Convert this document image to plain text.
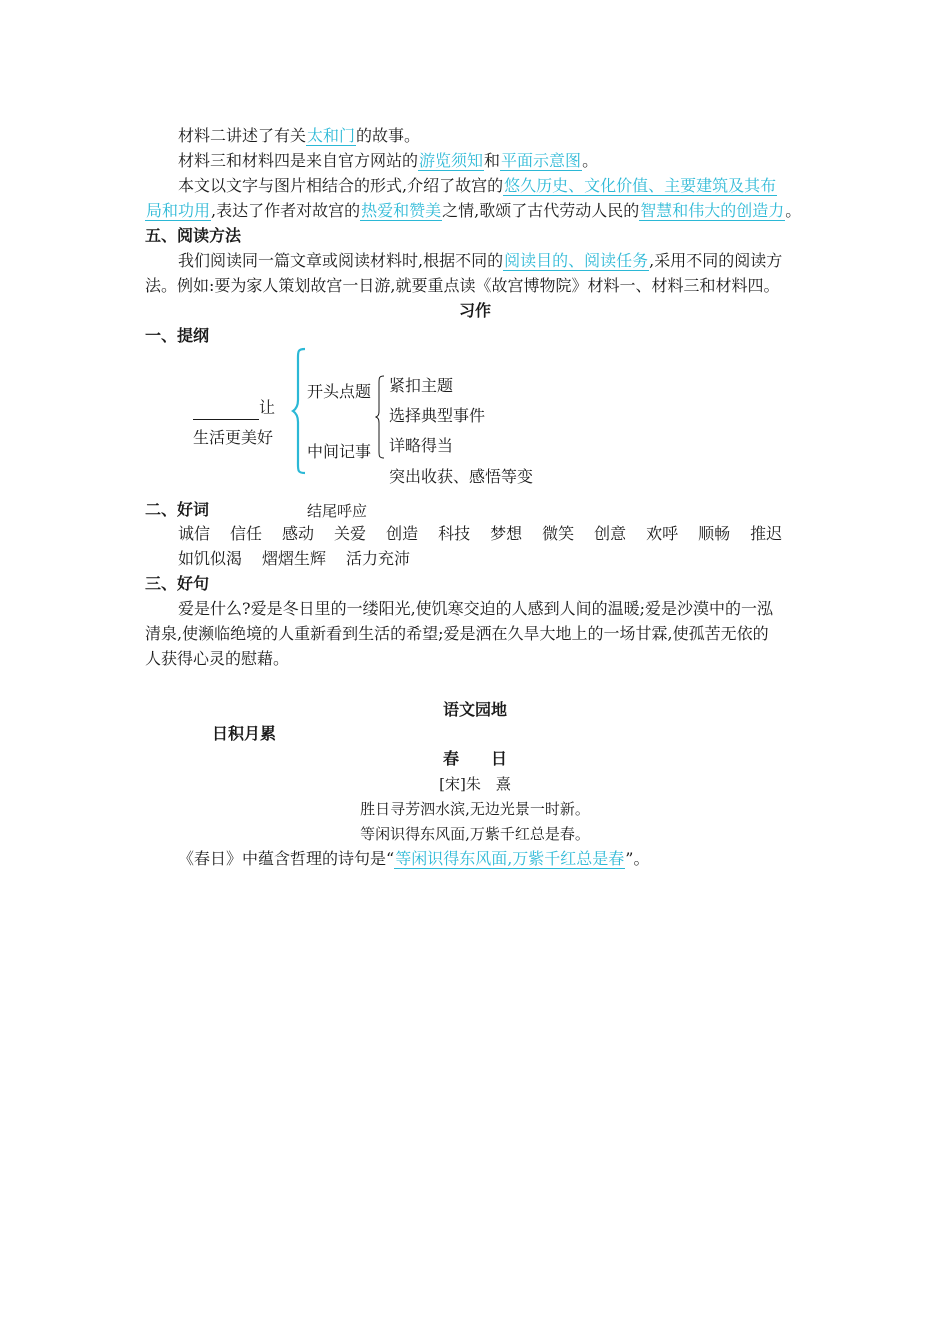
材料二讲述了有关太和门的故事。
材料三和材料四是来自官方网站的游览须知和平面示意图。
本文以文字与图片相结合的形式,介绍了故宫的悠久历史、文化价值、主要建筑及其布
局和功用,表达了作者对故宫的热爱和赞美之情,歌颂了古代劳动人民的智慧和伟大的创造力。
五、阅读方法
我们阅读同一篇文章或阅读材料时,根据不同的阅读目的、阅读任务,采用不同的阅读方
法。例如:要为家人策划故宫一日游,就要重点读《故宫博物院》材料一、材料三和材料四。
习作
一、提纲
让
生活更美好
开头点题
中间记事
紧扣主题
选择典型事件
详略得当
突出收获、感悟等变
二、好词	结尾呼应
诚信 信任 感动 关爱 创造 科技 梦想 微笑 创意 欢呼 顺畅 推迟
如饥似渴 熠熠生辉 活力充沛
三、好句
爱是什么?爱是冬日里的一缕阳光,使饥寒交迫的人感到人间的温暖;爱是沙漠中的一泓
清泉,使濒临绝境的人重新看到生活的希望;爱是洒在久旱大地上的一场甘霖,使孤苦无依的
人获得心灵的慰藉。
语文园地
日积月累
春　　日
[宋]朱　熹
胜日寻芳泗水滨,无边光景一时新。
等闲识得东风面,万紫千红总是春。
《春日》中蕴含哲理的诗句是“等闲识得东风面,万紫千红总是春”。
